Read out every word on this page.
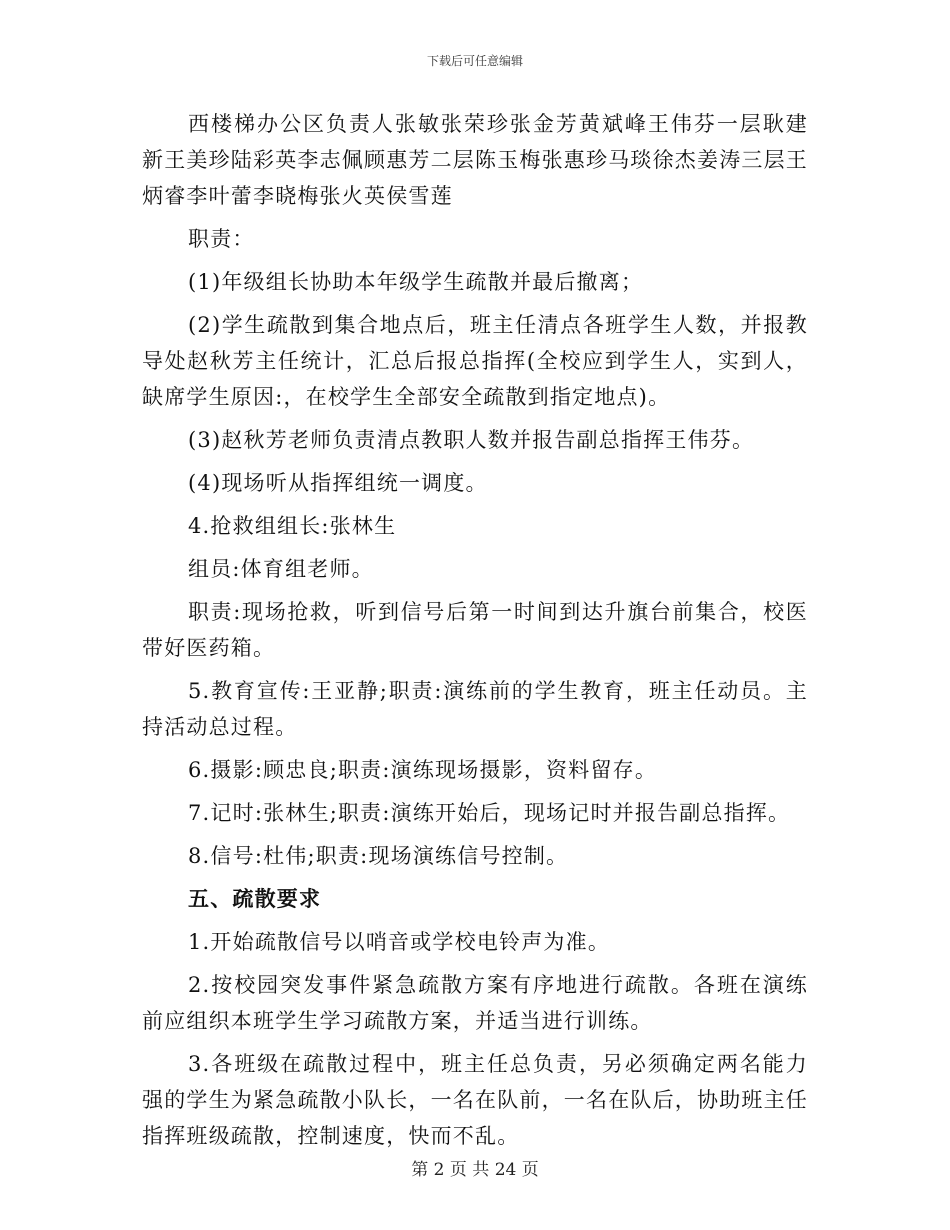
下载后可任意编辑

西楼梯办公区负责人张敏张荣珍张金芳黄斌峰王伟芬一层耿建新王美珍陆彩英李志佩顾惠芳二层陈玉梅张惠珍马琰徐杰姜涛三层王炳睿李叶蕾李晓梅张火英侯雪莲

职责：

(1)年级组长协助本年级学生疏散并最后撤离；

(2)学生疏散到集合地点后，班主任清点各班学生人数，并报教导处赵秋芳主任统计，汇总后报总指挥(全校应到学生人，实到人，缺席学生原因:，在校学生全部安全疏散到指定地点)。

(3)赵秋芳老师负责清点教职人数并报告副总指挥王伟芬。

(4)现场听从指挥组统一调度。

4.抢救组组长:张林生

组员:体育组老师。

职责:现场抢救，听到信号后第一时间到达升旗台前集合，校医带好医药箱。

5.教育宣传:王亚静;职责:演练前的学生教育，班主任动员。主持活动总过程。

6.摄影:顾忠良;职责:演练现场摄影，资料留存。

7.记时:张林生;职责:演练开始后，现场记时并报告副总指挥。

8.信号:杜伟;职责:现场演练信号控制。

五、疏散要求

1.开始疏散信号以哨音或学校电铃声为准。

2.按校园突发事件紧急疏散方案有序地进行疏散。各班在演练前应组织本班学生学习疏散方案，并适当进行训练。

3.各班级在疏散过程中，班主任总负责，另必须确定两名能力强的学生为紧急疏散小队长，一名在队前，一名在队后，协助班主任指挥班级疏散，控制速度，快而不乱。

第 2 页 共 24 页
